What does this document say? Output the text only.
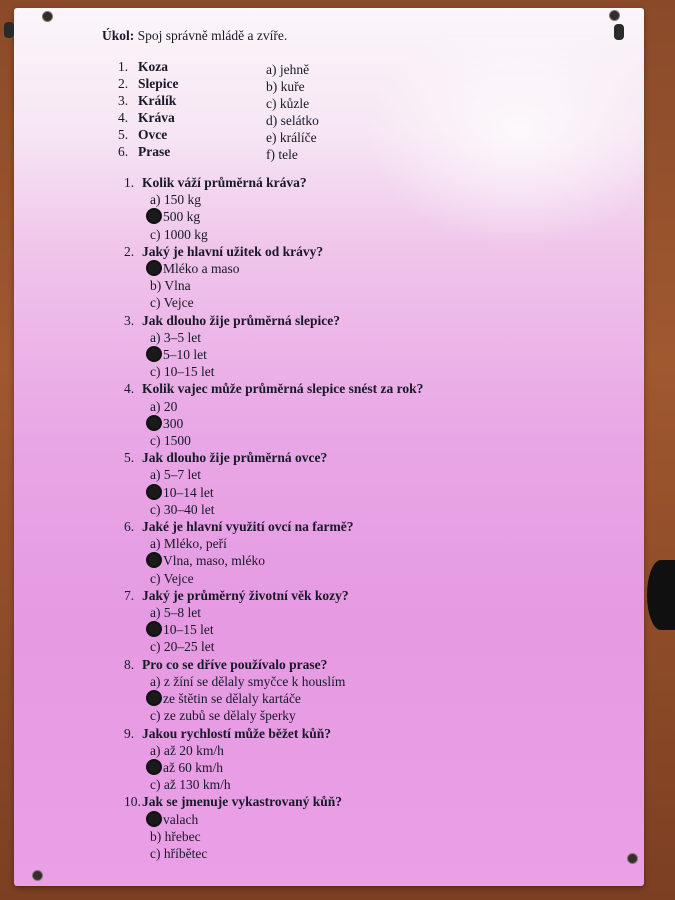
Úkol: Spoj správně mládě a zvíře.
1. Koza
2. Slepice
3. Králík
4. Kráva
5. Ovce
6. Prase
a) jehně
b) kuře
c) kůzle
d) selátko
e) králíče
f) tele
1. Kolik váží průměrná kráva?
a) 150 kg
500 kg
c) 1000 kg
2. Jaký je hlavní užitek od krávy?
Mléko a maso
b) Vlna
c) Vejce
3. Jak dlouho žije průměrná slepice?
a) 3–5 let
5–10 let
c) 10–15 let
4. Kolik vajec může průměrná slepice snést za rok?
a) 20
300
c) 1500
5. Jak dlouho žije průměrná ovce?
a) 5–7 let
10–14 let
c) 30–40 let
6. Jaké je hlavní využití ovcí na farmě?
a) Mléko, peří
Vlna, maso, mléko
c) Vejce
7. Jaký je průměrný životní věk kozy?
a) 5–8 let
10–15 let
c) 20–25 let
8. Pro co se dříve používalo prase?
a) z žíní se dělaly smyčce k houslím
ze štětin se dělaly kartáče
c) ze zubů se dělaly šperky
9. Jakou rychlostí může běžet kůň?
a) až 20 km/h
až 60 km/h
c) až 130 km/h
10.Jak se jmenuje vykastrovaný kůň?
valach
b) hřebec
c) hříbětec
